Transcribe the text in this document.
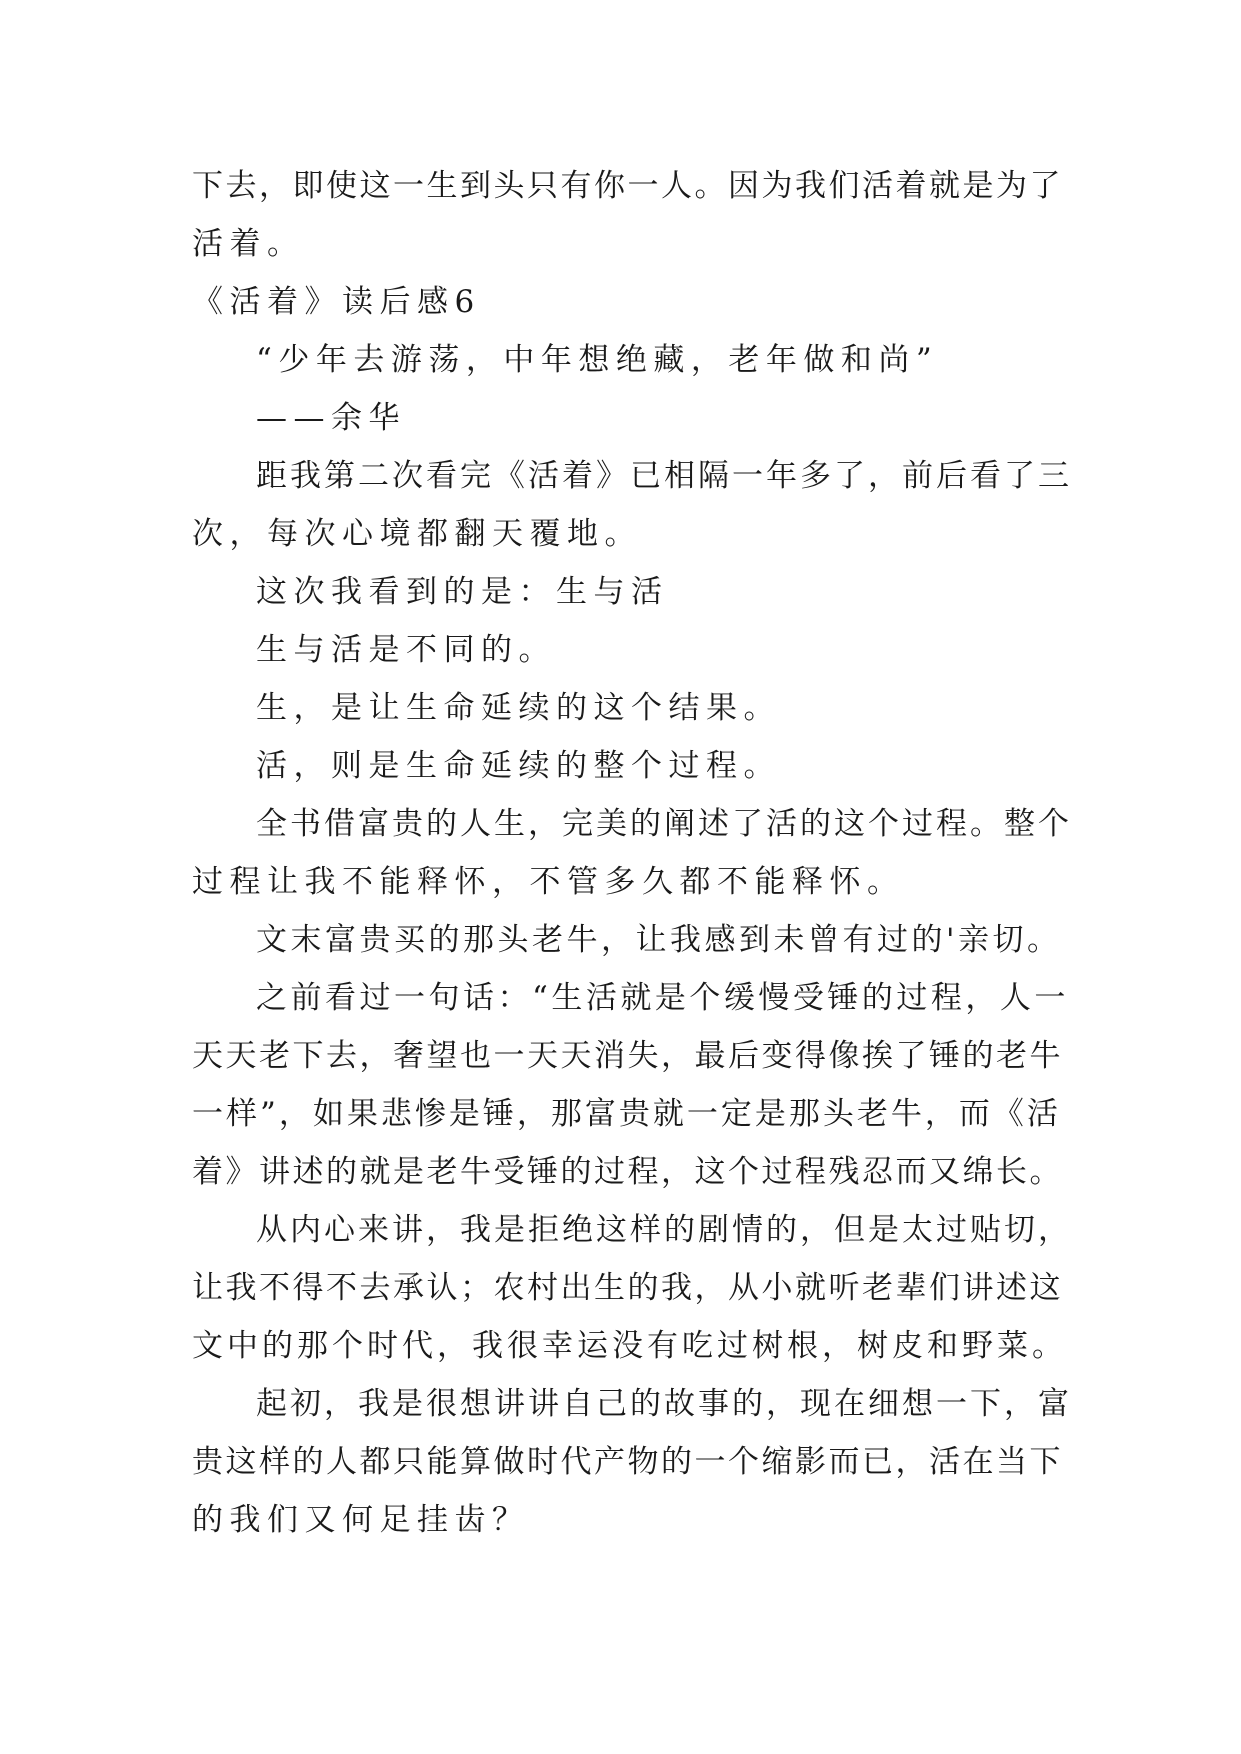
下去，即使这一生到头只有你一人。因为我们活着就是为了
活着。
《活着》读后感6
“少年去游荡，中年想绝藏，老年做和尚”
——余华
距我第二次看完《活着》已相隔一年多了，前后看了三
次，每次心境都翻天覆地。
这次我看到的是：生与活
生与活是不同的。
生，是让生命延续的这个结果。
活，则是生命延续的整个过程。
全书借富贵的人生，完美的阐述了活的这个过程。整个
过程让我不能释怀，不管多久都不能释怀。
文末富贵买的那头老牛，让我感到未曾有过的'亲切。
之前看过一句话：“生活就是个缓慢受锤的过程，人一
天天老下去，奢望也一天天消失，最后变得像挨了锤的老牛
一样”，如果悲惨是锤，那富贵就一定是那头老牛，而《活
着》讲述的就是老牛受锤的过程，这个过程残忍而又绵长。
从内心来讲，我是拒绝这样的剧情的，但是太过贴切，
让我不得不去承认；农村出生的我，从小就听老辈们讲述这
文中的那个时代，我很幸运没有吃过树根，树皮和野菜。
起初，我是很想讲讲自己的故事的，现在细想一下，富
贵这样的人都只能算做时代产物的一个缩影而已，活在当下
的我们又何足挂齿？
